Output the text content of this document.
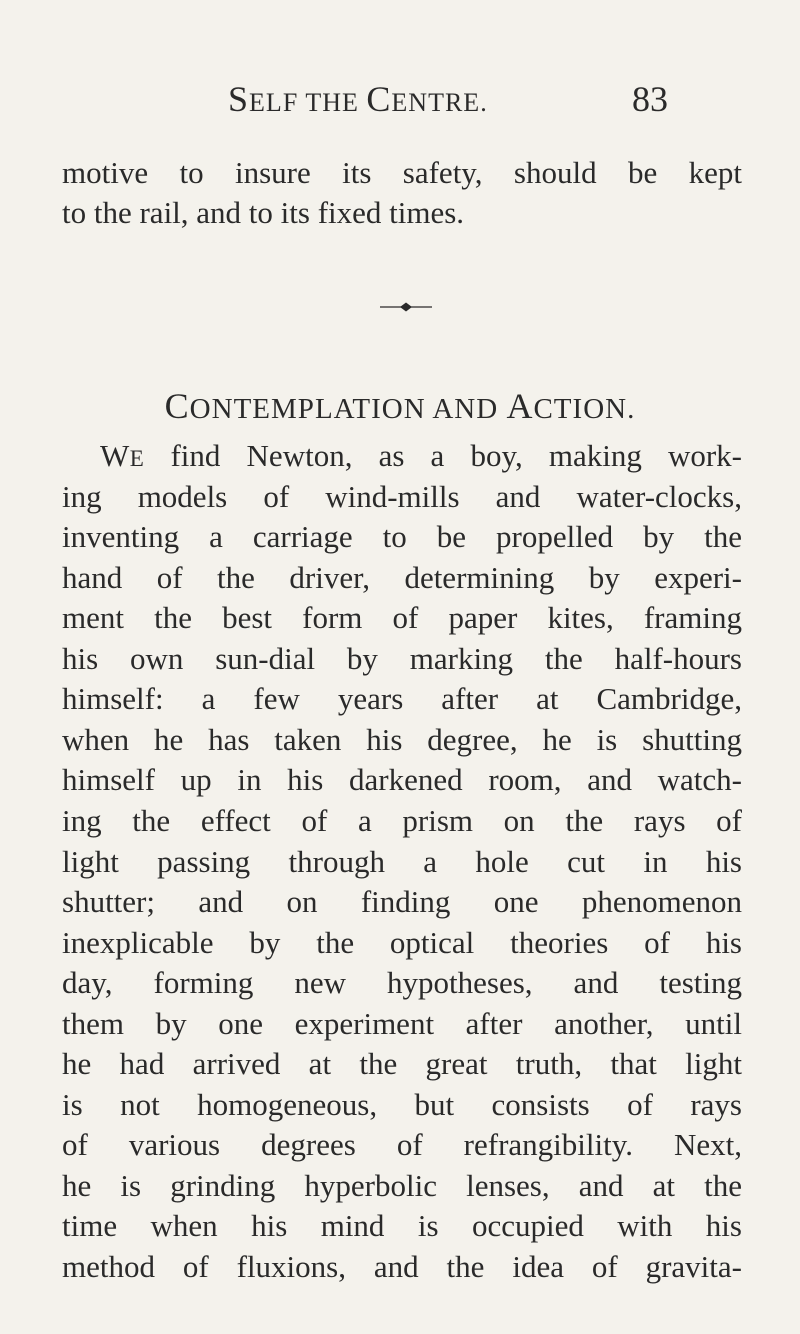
SELF THE CENTRE.	83
motive to insure its safety, should be kept
to the rail, and to its fixed times.
CONTEMPLATION AND ACTION.
WE find Newton, as a boy, making work-
ing models of wind-mills and water-clocks,
inventing a carriage to be propelled by the
hand of the driver, determining by experi-
ment the best form of paper kites, framing
his own sun-dial by marking the half-hours
himself: a few years after at Cambridge,
when he has taken his degree, he is shutting
himself up in his darkened room, and watch-
ing the effect of a prism on the rays of
light passing through a hole cut in his
shutter; and on finding one phenomenon
inexplicable by the optical theories of his
day, forming new hypotheses, and testing
them by one experiment after another, until
he had arrived at the great truth, that light
is not homogeneous, but consists of rays
of various degrees of refrangibility. Next,
he is grinding hyperbolic lenses, and at the
time when his mind is occupied with his
method of fluxions, and the idea of gravita-
